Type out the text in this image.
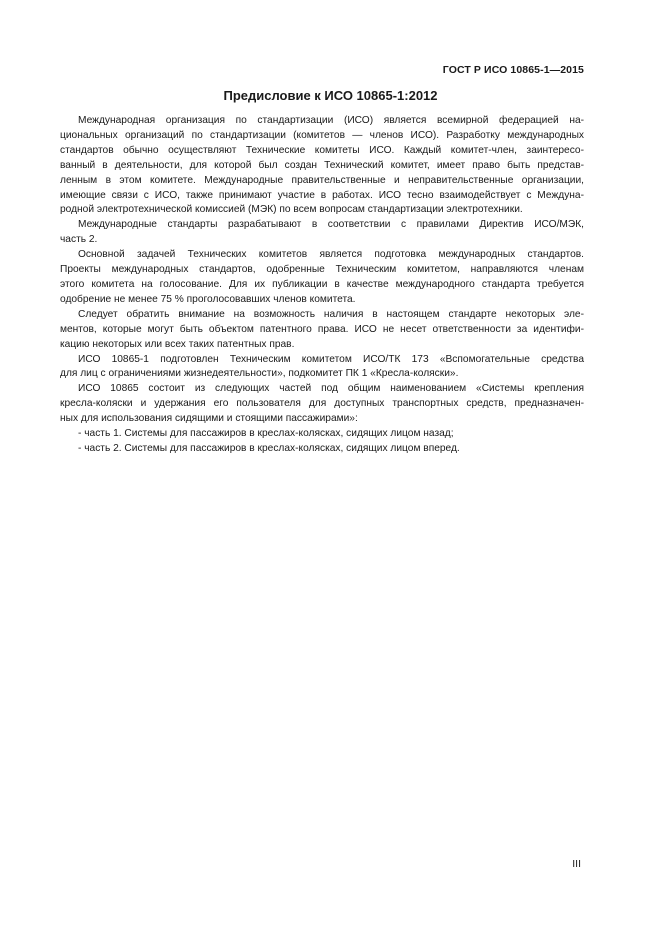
ГОСТ Р ИСО 10865-1—2015
Предисловие к ИСО 10865-1:2012
Международная организация по стандартизации (ИСО) является всемирной федерацией на-
циональных организаций по стандартизации (комитетов — членов ИСО). Разработку международных
стандартов обычно осуществляют Технические комитеты ИСО. Каждый комитет-член, заинтересо-
ванный в деятельности, для которой был создан Технический комитет, имеет право быть представ-
ленным в этом комитете. Международные правительственные и неправительственные организации,
имеющие связи с ИСО, также принимают участие в работах. ИСО тесно взаимодействует с Междуна-
родной электротехнической комиссией (МЭК) по всем вопросам стандартизации электротехники.
Международные стандарты разрабатывают в соответствии с правилами Директив ИСО/МЭК,
часть 2.
Основной задачей Технических комитетов является подготовка международных стандартов.
Проекты международных стандартов, одобренные Техническим комитетом, направляются членам
этого комитета на голосование. Для их публикации в качестве международного стандарта требуется
одобрение не менее 75 % проголосовавших членов комитета.
Следует обратить внимание на возможность наличия в настоящем стандарте некоторых эле-
ментов, которые могут быть объектом патентного права. ИСО не несет ответственности за идентифи-
кацию некоторых или всех таких патентных прав.
ИСО 10865-1 подготовлен Техническим комитетом ИСО/ТК 173 «Вспомогательные средства
для лиц с ограничениями жизнедеятельности», подкомитет ПК 1 «Кресла-коляски».
ИСО 10865 состоит из следующих частей под общим наименованием «Системы крепления
кресла-коляски и удержания его пользователя для доступных транспортных средств, предназначен-
ных для использования сидящими и стоящими пассажирами»:
- часть 1. Системы для пассажиров в креслах-колясках, сидящих лицом назад;
- часть 2. Системы для пассажиров в креслах-колясках, сидящих лицом вперед.
III
